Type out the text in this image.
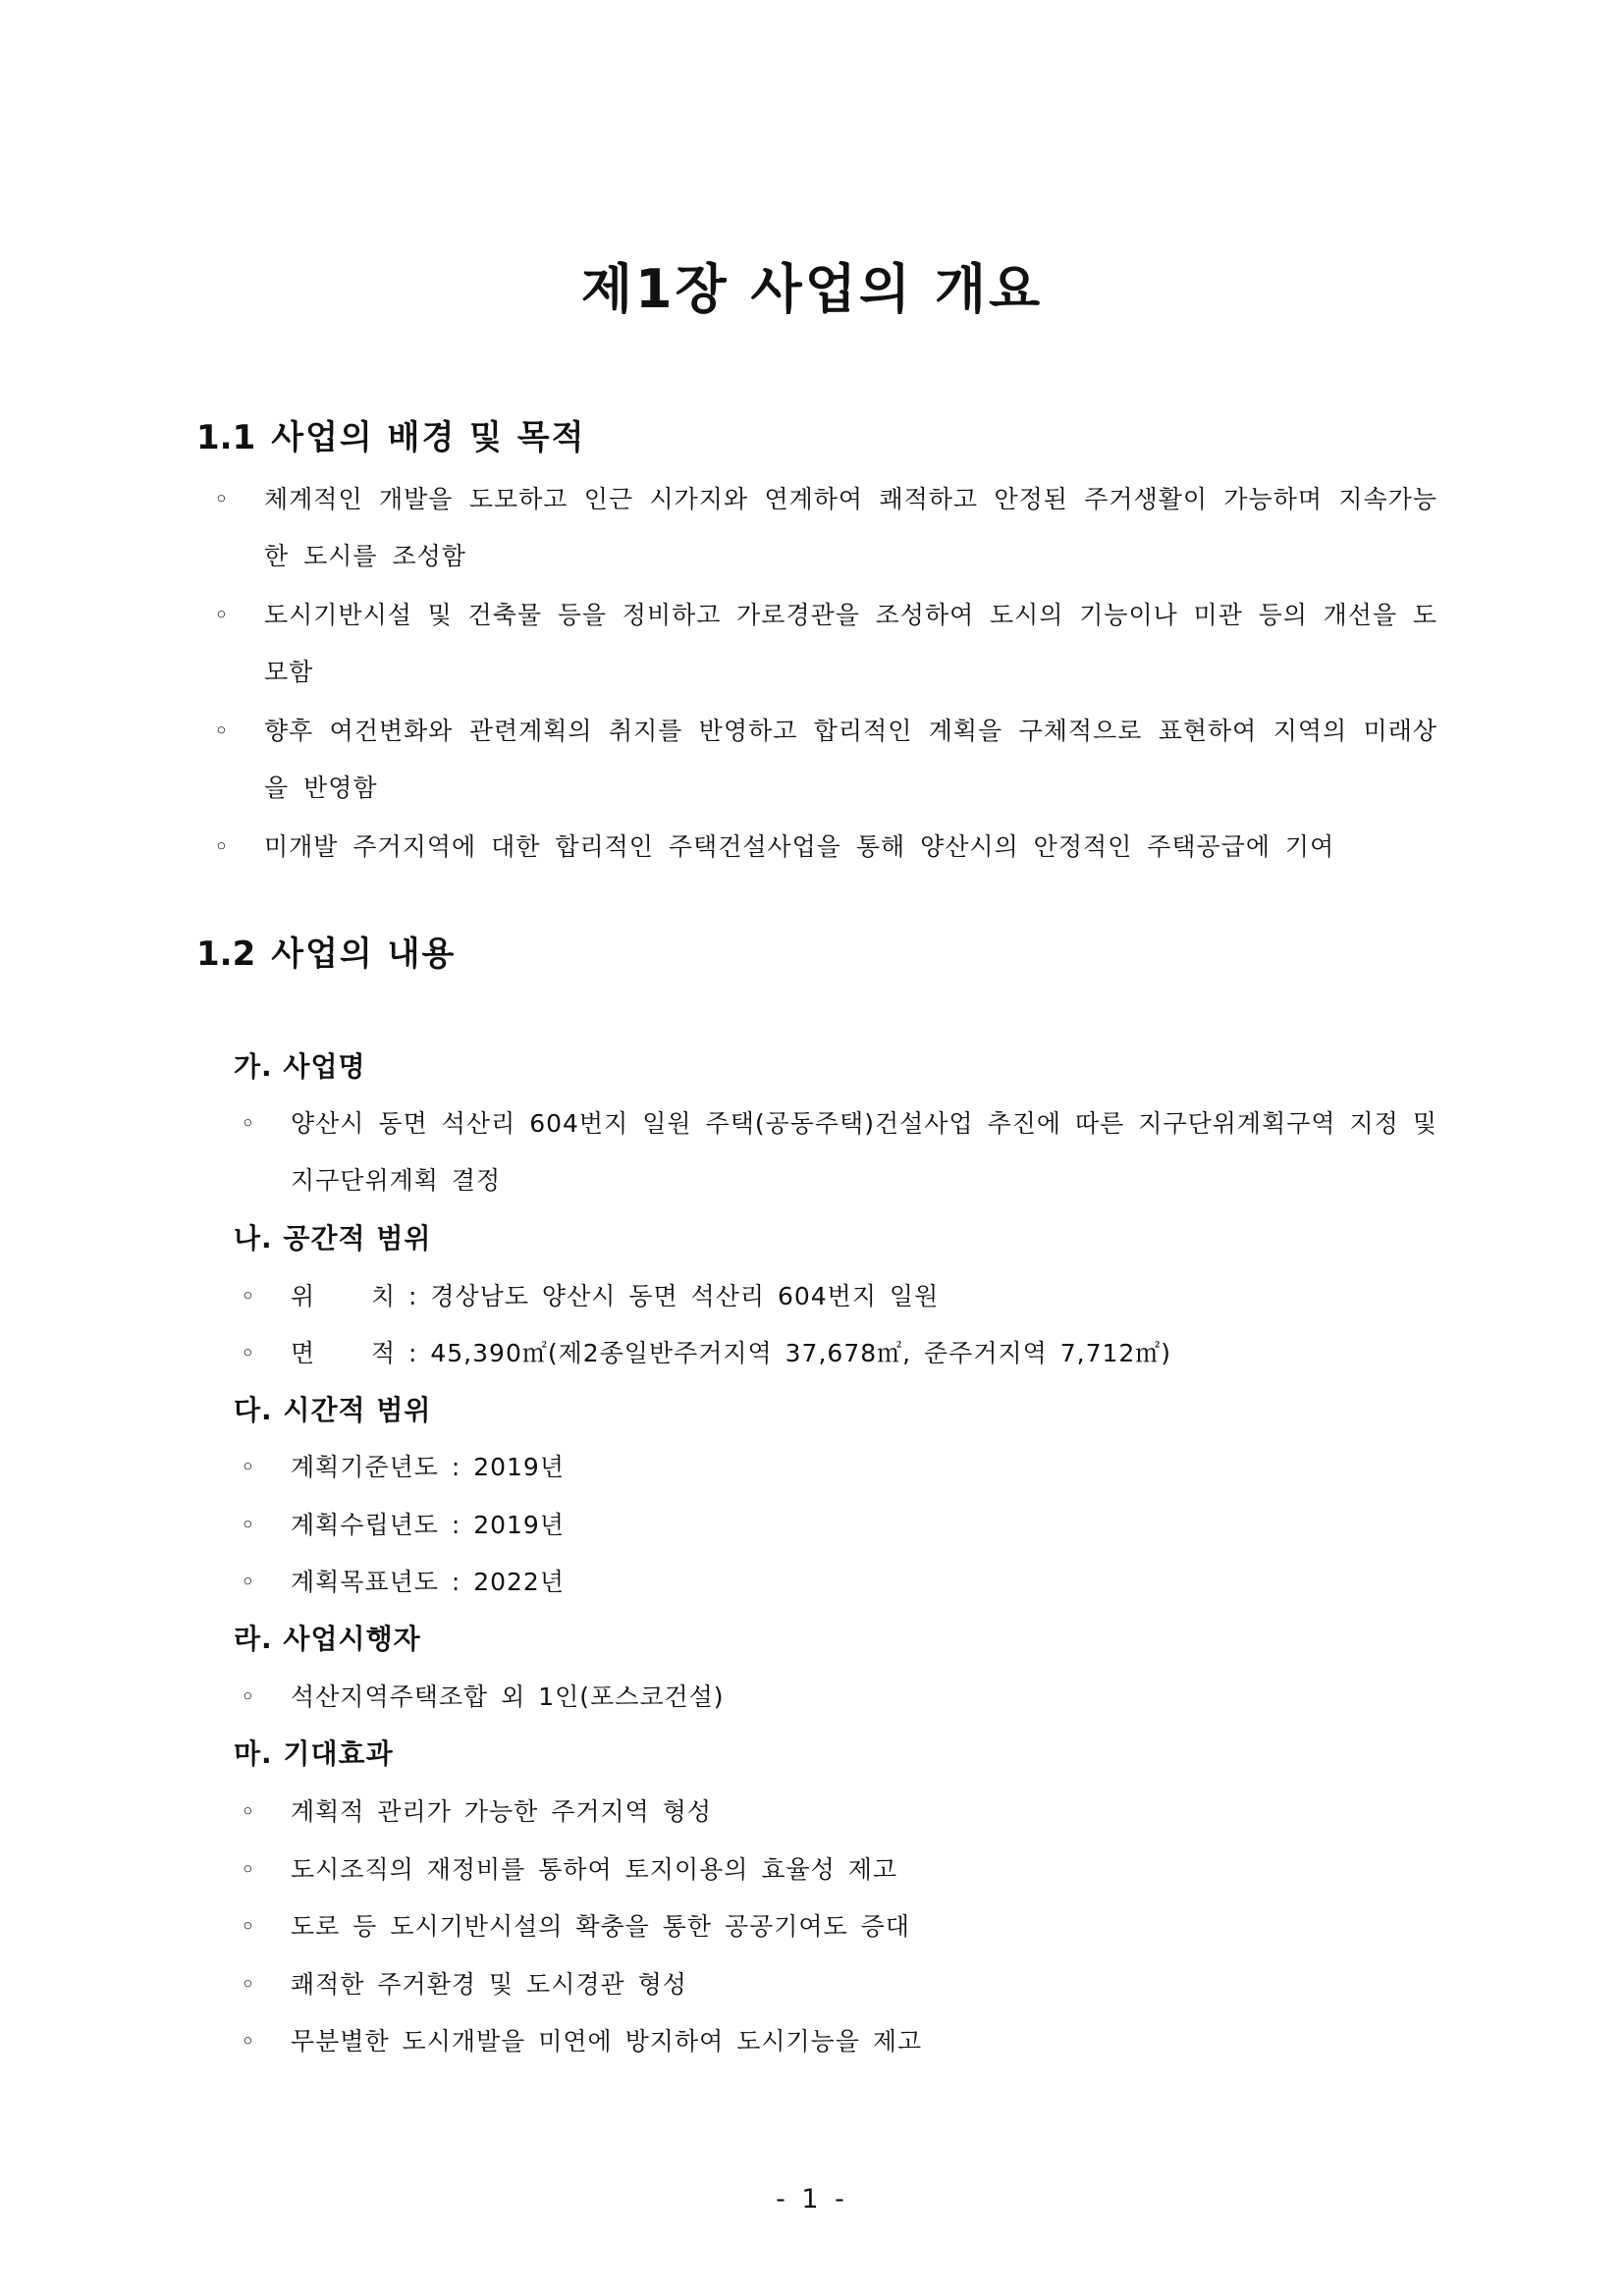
제1장 사업의 개요
1.1 사업의 배경 및 목적
◦	체계적인 개발을 도모하고 인근 시가지와 연계하여 쾌적하고 안정된 주거생활이 가능하며 지속가능한 도시를 조성함
◦	도시기반시설 및 건축물 등을 정비하고 가로경관을 조성하여 도시의 기능이나 미관 등의 개선을 도모함
◦	향후 여건변화와 관련계획의 취지를 반영하고 합리적인 계획을 구체적으로 표현하여 지역의 미래상을 반영함
◦	미개발 주거지역에 대한 합리적인 주택건설사업을 통해 양산시의 안정적인 주택공급에 기여
1.2 사업의 내용
가. 사업명
◦	양산시 동면 석산리 604번지 일원 주택(공동주택)건설사업 추진에 따른 지구단위계획구역 지정 및 지구단위계획 결정
나. 공간적 범위
◦	위 치 : 경상남도 양산시 동면 석산리 604번지 일원
◦	면 적 : 45,390㎡(제2종일반주거지역 37,678㎡, 준주거지역 7,712㎡)
다. 시간적 범위
◦	계획기준년도 : 2019년
◦	계획수립년도 : 2019년
◦	계획목표년도 : 2022년
라. 사업시행자
◦	석산지역주택조합 외 1인(포스코건설)
마. 기대효과
◦	계획적 관리가 가능한 주거지역 형성
◦	도시조직의 재정비를 통하여 토지이용의 효율성 제고
◦	도로 등 도시기반시설의 확충을 통한 공공기여도 증대
◦	쾌적한 주거환경 및 도시경관 형성
◦	무분별한 도시개발을 미연에 방지하여 도시기능을 제고
- 1 -
